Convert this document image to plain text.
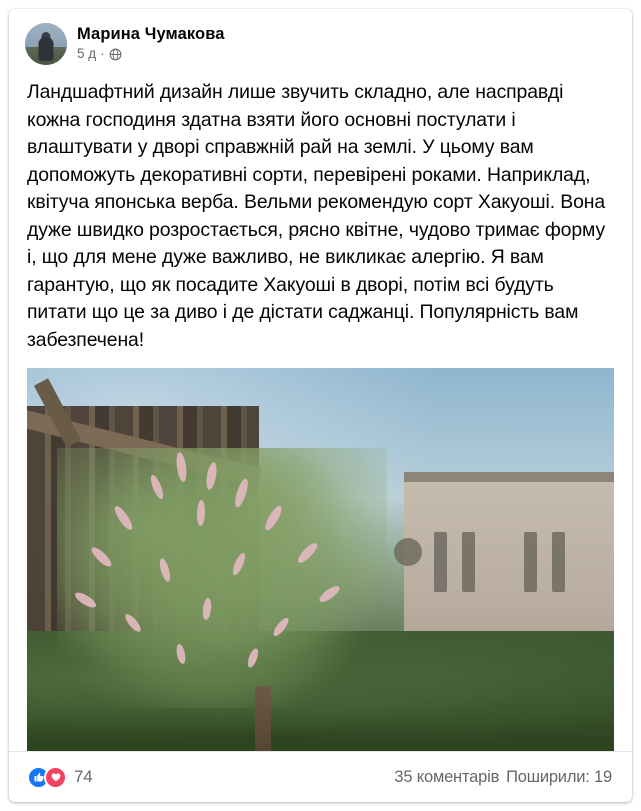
Марина Чумакова
5 д ·
Ландшафтний дизайн лише звучить складно, але насправді кожна господиня здатна взяти його основні постулати і влаштувати у дворі справжній рай на землі. У цьому вам допоможуть декоративні сорти, перевірені роками. Наприклад, квітуча японська верба. Вельми рекомендую сорт Хакуоші. Вона дуже швидко розростається, рясно квітне, чудово тримає форму і, що для мене дуже важливо, не викликає алергію. Я вам гарантую, що як посадите Хакуоші в дворі, потім всі будуть питати що це за диво і де дістати саджанці. Популярність вам забезпечена!
74	35 коментарів Поширили: 19
